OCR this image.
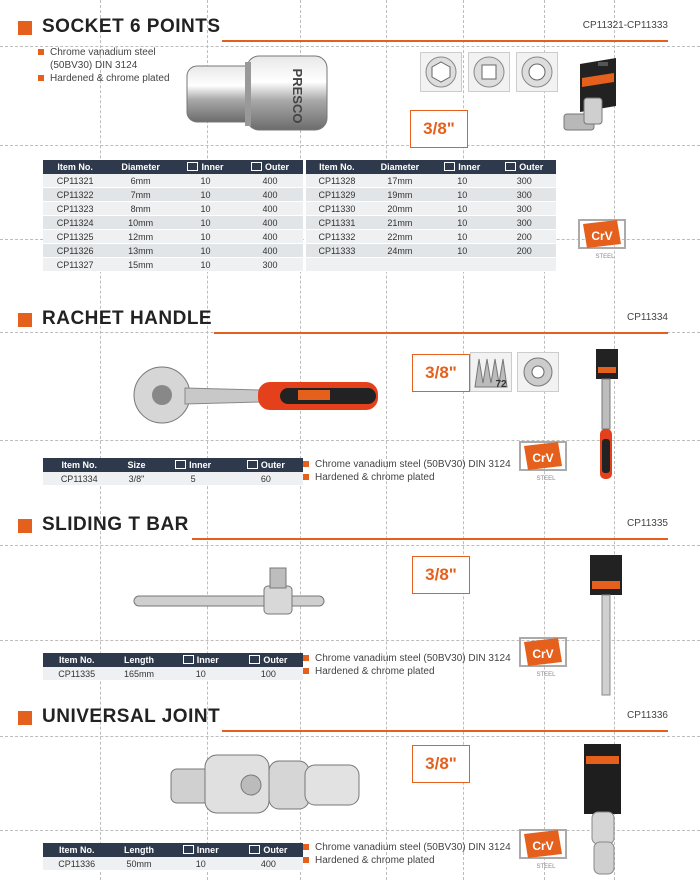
SOCKET 6 POINTS	CP11321-CP11333
Chrome vanadium steel (50BV30) DIN 3124
Hardened & chrome plated	PRESCO
3/8"
Item No.	Diameter	Inner	Outer
CP11321	6mm	10	400
CP11322	7mm	10	400
CP11323	8mm	10	400
CP11324	10mm	10	400
CP11325	12mm	10	400
CP11326	13mm	10	400
CP11327	15mm	10	300
Item No.	Diameter	Inner	Outer
CP11328	17mm	10	300
CP11329	19mm	10	300
CP11330	20mm	10	300
CP11331	21mm	10	300
CP11332	22mm	10	200
CP11333	24mm	10	200

CrV
STEEL
RACHET HANDLE	CP11334
3/8"
72
Item No.	Size	Inner	Outer
CP11334	3/8"	5	60
Chrome vanadium steel (50BV30) DIN 3124
Hardened & chrome plated
CrV
STEEL
SLIDING T BAR	CP11335
3/8"
Item No.	Length	Inner	Outer
CP11335	165mm	10	100
Chrome vanadium steel (50BV30) DIN 3124
Hardened & chrome plated
CrV
STEEL
UNIVERSAL JOINT	CP11336
3/8"
Item No.	Length	Inner	Outer
CP11336	50mm	10	400
Chrome vanadium steel (50BV30) DIN 3124
Hardened & chrome plated
CrV
STEEL
